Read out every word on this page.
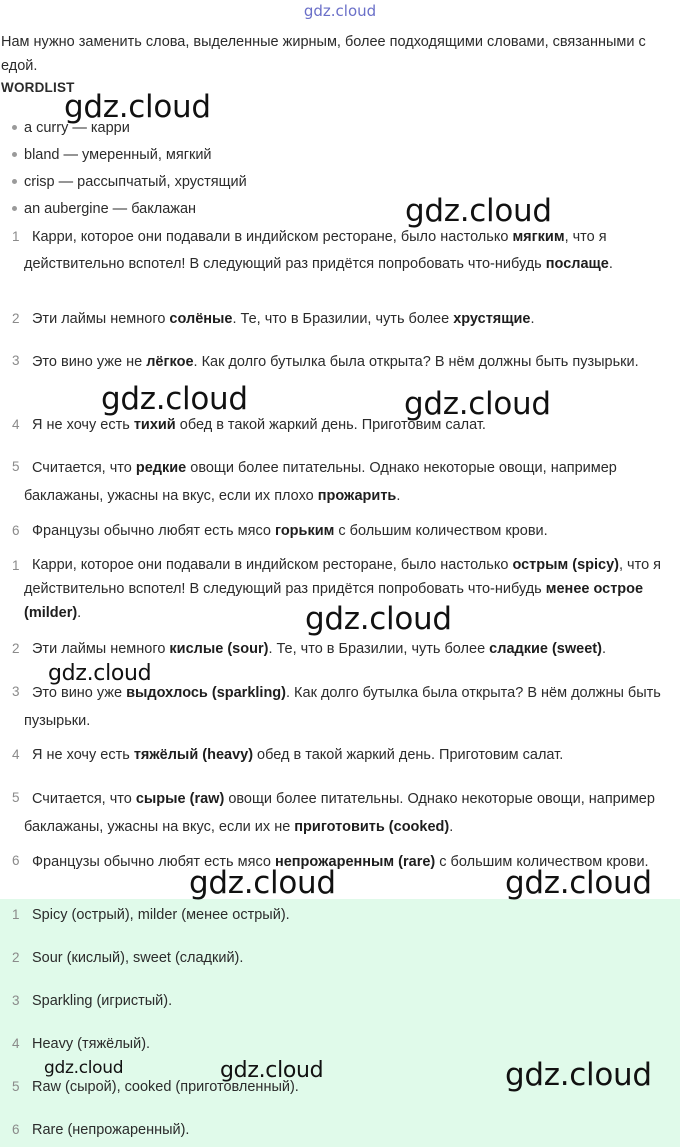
gdz.cloud
Нам нужно заменить слова, выделенные жирным, более подходящими словами, связанными с едой.
WORDLIST
a curry — карри
bland — умеренный, мягкий
crisp — рассыпчатый, хрустящий
an aubergine — баклажан
1 Карри, которое они подавали в индийском ресторане, было настолько мягким, что я действительно вспотел! В следующий раз придётся попробовать что-нибудь послаще.
2 Эти лаймы немного солёные. Те, что в Бразилии, чуть более хрустящие.
3 Это вино уже не лёгкое. Как долго бутылка была открыта? В нём должны быть пузырьки.
4 Я не хочу есть тихий обед в такой жаркий день. Приготовим салат.
5 Считается, что редкие овощи более питательны. Однако некоторые овощи, например баклажаны, ужасны на вкус, если их плохо прожарить.
6 Французы обычно любят есть мясо горьким с большим количеством крови.
1 Карри, которое они подавали в индийском ресторане, было настолько острым (spicy), что я действительно вспотел! В следующий раз придётся попробовать что-нибудь менее острое (milder).
2 Эти лаймы немного кислые (sour). Те, что в Бразилии, чуть более сладкие (sweet).
3 Это вино уже выдохлось (sparkling). Как долго бутылка была открыта? В нём должны быть пузырьки.
4 Я не хочу есть тяжёлый (heavy) обед в такой жаркий день. Приготовим салат.
5 Считается, что сырые (raw) овощи более питательны. Однако некоторые овощи, например баклажаны, ужасны на вкус, если их не приготовить (cooked).
6 Французы обычно любят есть мясо непрожаренным (rare) с большим количеством крови.
1 Spicy (острый), milder (менее острый).
2 Sour (кислый), sweet (сладкий).
3 Sparkling (игристый).
4 Heavy (тяжёлый).
5 Raw (сырой), cooked (приготовленный).
6 Rare (непрожаренный).
gdz.cloud
gdz.cloud
gdz.cloud	gdz.cloud
gdz.cloud
gdz.cloud
gdz.cloud	gdz.cloud
gdz.cloud	gdz.cloud	gdz.cloud
